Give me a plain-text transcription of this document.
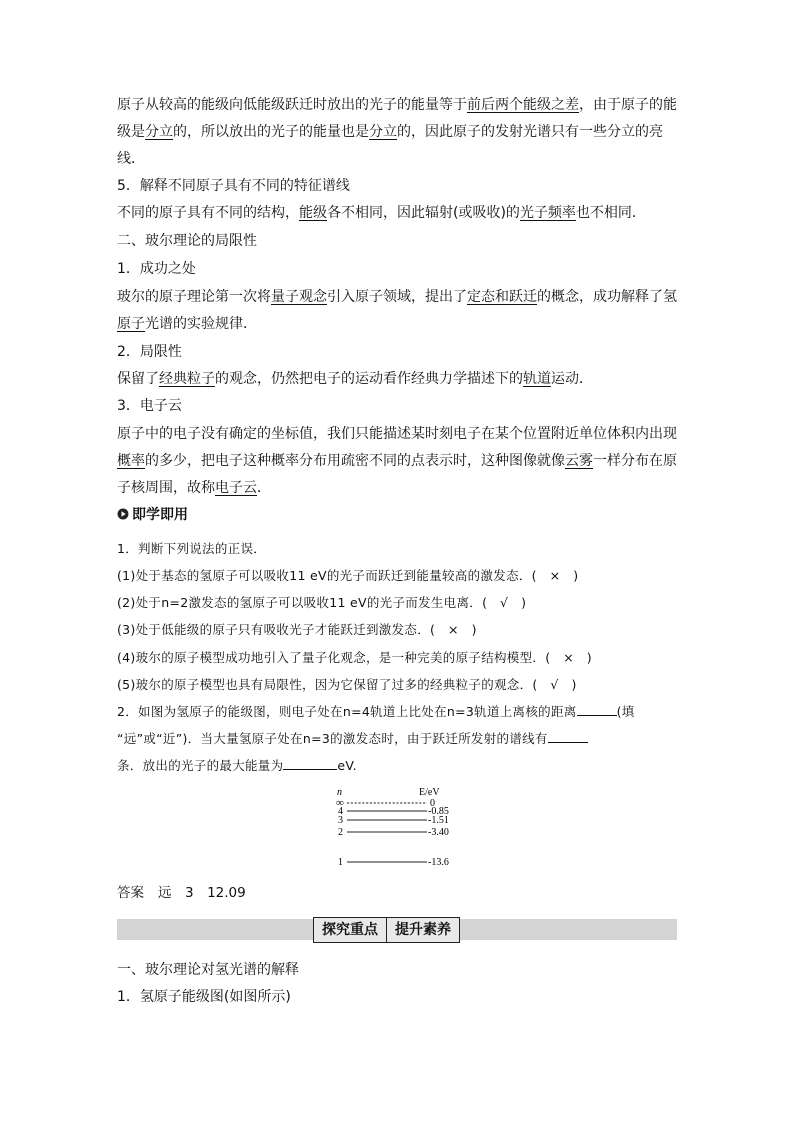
原子从较高的能级向低能级跃迁时放出的光子的能量等于前后两个能级之差，由于原子的能
级是分立的，所以放出的光子的能量也是分立的，因此原子的发射光谱只有一些分立的亮
线．
5．解释不同原子具有不同的特征谱线
不同的原子具有不同的结构，能级各不相同，因此辐射(或吸收)的光子频率也不相同．
二、玻尔理论的局限性
1．成功之处
玻尔的原子理论第一次将量子观念引入原子领域，提出了定态和跃迁的概念，成功解释了氢
原子光谱的实验规律．
2．局限性
保留了经典粒子的观念，仍然把电子的运动看作经典力学描述下的轨道运动．
3．电子云
原子中的电子没有确定的坐标值，我们只能描述某时刻电子在某个位置附近单位体积内出现
概率的多少，把电子这种概率分布用疏密不同的点表示时，这种图像就像云雾一样分布在原
子核周围，故称电子云．
即学即用
1．判断下列说法的正误．
(1)处于基态的氢原子可以吸收11 eV的光子而跃迁到能量较高的激发态．(　×　)
(2)处于n=2激发态的氢原子可以吸收11 eV的光子而发生电离．(　√　)
(3)处于低能级的原子只有吸收光子才能跃迁到激发态．(　×　)
(4)玻尔的原子模型成功地引入了量子化观念，是一种完美的原子结构模型．(　×　)
(5)玻尔的原子模型也具有局限性，因为它保留了过多的经典粒子的观念．(　√　)
2．如图为氢原子的能级图，则电子处在n=4轨道上比处在n=3轨道上离核的距离	(填
“远”或“近”)．当大量氢原子处在n=3的激发态时，由于跃迁所发射的谱线有
条．放出的光子的最大能量为	eV.
n	E/eV
∞	0
4	-0.85
3	-1.51
2	-3.40
1	-13.6
答案 远　3　12.09
探究重点	提升素养
一、玻尔理论对氢光谱的解释
1．氢原子能级图(如图所示)
